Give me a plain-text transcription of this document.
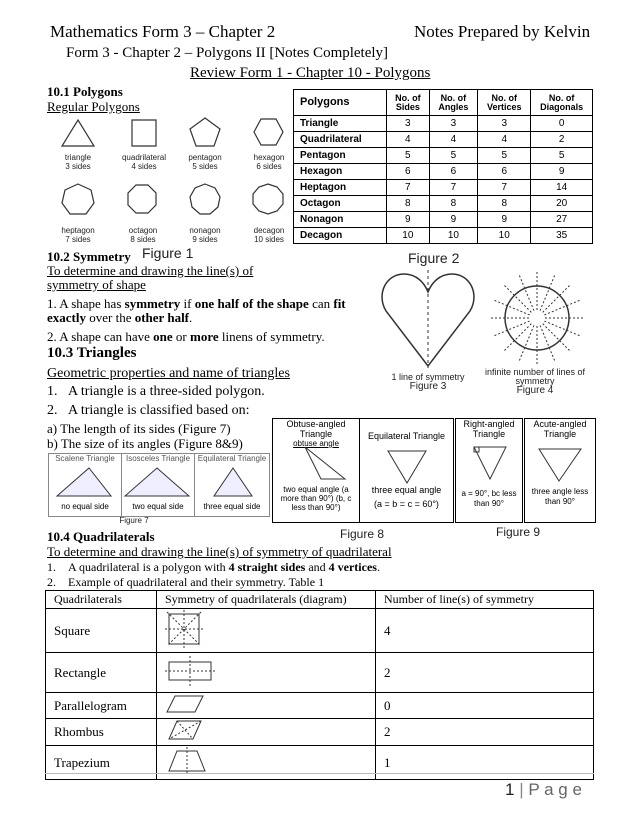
Mathematics Form 3 – Chapter 2	Notes Prepared by Kelvin
Form 3 - Chapter 2 – Polygons II [Notes Completely]
Review Form 1 - Chapter 10 - Polygons
10.1 Polygons
Regular Polygons
triangle
3 sides
quadrilateral
4 sides
pentagon
5 sides
hexagon
6 sides
heptagon
7 sides
octagon
8 sides
nonagon
9 sides
decagon
10 sides
Polygons	No. of Sides	No. of Angles	No. of Vertices	No. of Diagonals
Triangle	3	3	3	0
Quadrilateral	4	4	4	2
Pentagon	5	5	5	5
Hexagon	6	6	6	9
Heptagon	7	7	7	14
Octagon	8	8	8	20
Nonagon	9	9	9	27
Decagon	10	10	10	35
10.2 Symmetry Figure 1	Figure 2
To determine and drawing the line(s) of symmetry of shape
1. A shape has symmetry if one half of the shape can fit
exactly over the other half.
2. A shape can have one or more linens of symmetry.
1 line of symmetry
Figure 3
infinite number of lines of symmetry
Figure 4
10.3 Triangles
Geometric properties and name of triangles
1.   A triangle is a three-sided polygon.
2.   A triangle is classified based on:
a) The length of its sides (Figure 7)
b) The size of its angles (Figure 8&9)
Scalene Triangle	Isosceles Triangle Equilateral Triangle
no equal side	two equal side	three equal side
Figure 7
Obtuse-angled Triangle
obtuse angle
two equal angle (a more than 90°) (b, c less than 90°)
Equilateral Triangle
three equal angle
(a = b = c = 60°)
Figure 8
Right-angled Triangle
a = 90°, bc less than 90°
Acute-angled Triangle
three angle less than 90°
Figure 9
10.4 Quadrilaterals
To determine and drawing the line(s) of symmetry of quadrilateral
1.    A quadrilateral is a polygon with 4 straight sides and 4 vertices.
2.    Example of quadrilateral and their symmetry. Table 1
Quadrilaterals	Symmetry of quadrilaterals (diagram)	Number of line(s) of symmetry
Square		4
Rectangle		2
Parallelogram		0
Rhombus		2
Trapezium		1
1 | P a g e
